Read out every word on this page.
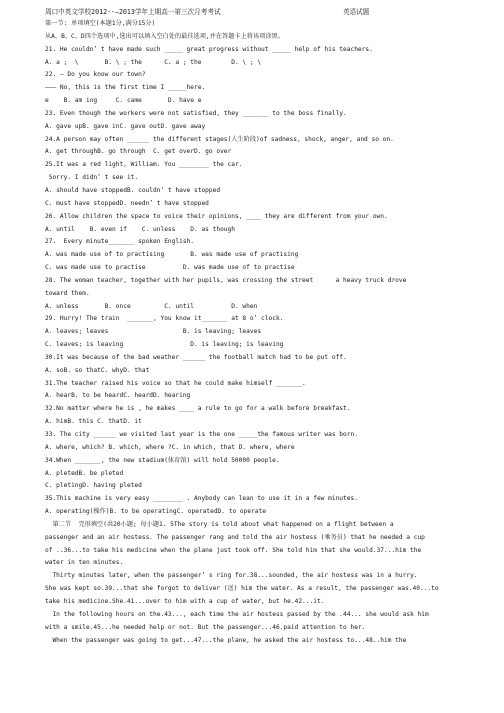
周口中英文学校2012--—2013学年上期高一第三次月考考试	英语试题
第一节: 单项填空(本题1分,满分15分)
从A、B、C、D四个选项中,选出可以填入空白处的最佳选项,并在答题卡上将该项涂黑。
21. He couldn’ t have made such _____ great progress without _____ help of his teachers.
A. a ;  \       B. \ ; the      C. a ; the        D. \ ; \
22. — Do you know our town?
——— No, this is the first time I _____here.
e    B. am ing     C. came       D. have e
23. Even though the workers were not satisfied, they _______ to the boss finally.
A. gave upB. gave inC. gave outD. gave away
24.A person may often ______ the different stages(人生阶段)of sadness, shock, anger, and so on.
A. get throughB. go through  C. get overD. go over
25.It was a red light, William. You ________ the car.
Sorry. I didn’ t see it.
A. should have stoppedB. couldn’ t have stopped
C. must have stoppedD. needn’ t have stopped
26. Allow children the space to voice their opinions, ____ they are different from your own.
A. until    B. even if    C. unless    D. as though
27.  Every minute_______ spoken English.
A. was made use of to practising       B. was made use of practising
C. was made use to practise          D. was made use of to practise
28. The woman teacher, together with her pupils, was crossing the street      a heavy truck drove
toward them.
A. unless       B. once         C. until          D. when
29. Hurry! The train  _______, You know it_______ at 8 o’ clock.
A. leaves; leaves                    B. is leaving; leaves
C. leaves; is leaving                  D. is leaving; is leaving
30.It was because of the bad weather ______ the football match had to be put off.
A. soB. so thatC. whyD. that
31.The teacher raised his voice so that he could make himself _______.
A. hearB. to be heardC. heardD. hearing
32.No matter where he is , he makes ____ a rule to go for a walk before breakfast.
A. himB. this C. thatD. it
33. The city ______ we visited last year is the one _____the famous writer was born.
A. where, which? B. which, where ?C. in which, that D. where, where
34.When _______, the new stadium(体育馆) will hold 50000 people.
A. pletedB. be pleted
C. pletingD. having pleted
35.This machine is very easy ________ . Anybody can lean to use it in a few minutes.
A. operating(操作)B. to be operatingC. operatedD. to operate
第二节  完形填空(共20小题; 每小题1. 5The story is told about what happened on a flight between a
passenger and an air hostess. The passenger rang and told the air hostess (乘务员) that he needed a cup
of ..36...to take his medicine when the plane just took off. She told him that she would.37...him the
water in ten minutes.
Thirty minutes later, when the passenger’ s ring for.38...sounded, the air hostess was in a hurry.
She was kept so.39...that she forgot to deliver (送) him the water. As a result, the passenger was.40...to
take his medicine.She.41...over to him with a cup of water, but he.42...it.
In the following hours on the.43..., each time the air hostess passed by the .44... she would ask him
with a smile.45...he needed help or not. But the passenger...46.paid attention to her.
When the passenger was going to get...47...the plane, he asked the air hostess to...48..him the
